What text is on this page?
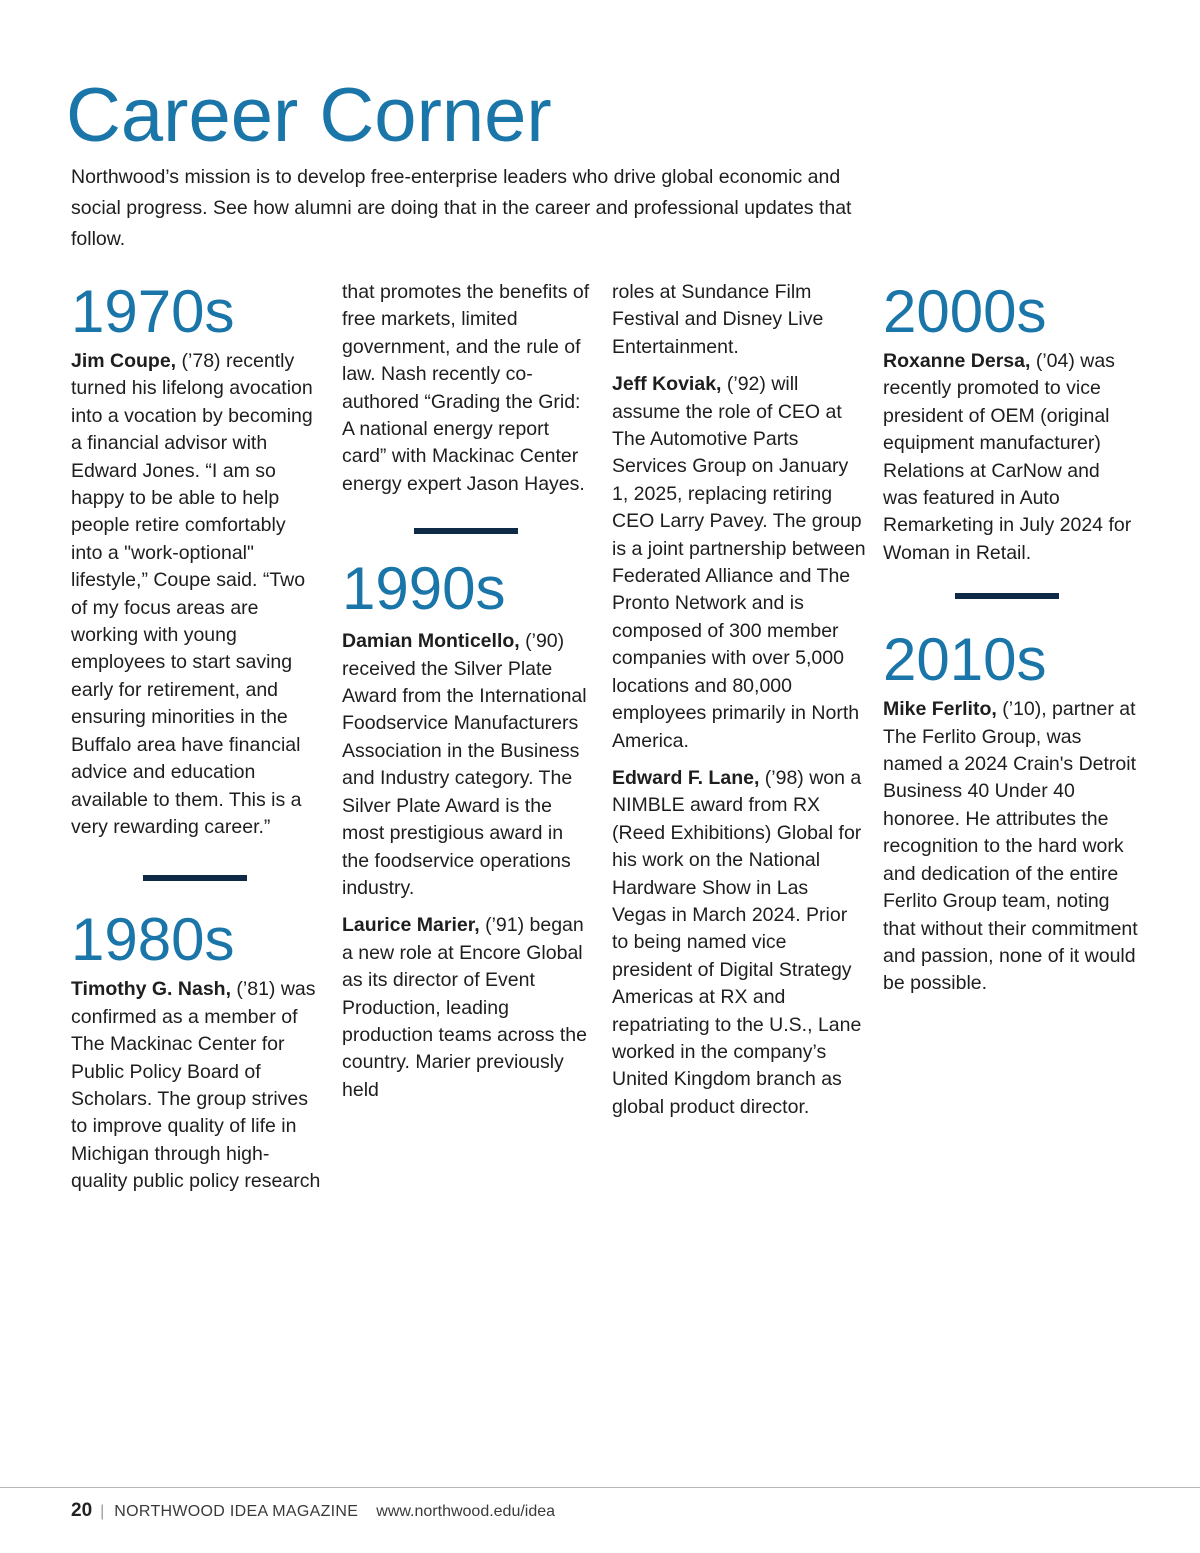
Career Corner

Northwood’s mission is to develop free-enterprise leaders who drive global economic and social progress. See how alumni are doing that in the career and professional updates that follow.

1970s

Jim Coupe, (’78) recently turned his lifelong avocation into a vocation by becoming a financial advisor with Edward Jones. “I am so happy to be able to help people retire comfortably into a "work-optional" lifestyle,” Coupe said. “Two of my focus areas are working with young employees to start saving early for retirement, and ensuring minorities in the Buffalo area have financial advice and education available to them. This is a very rewarding career.”

1980s

Timothy G. Nash, (’81) was confirmed as a member of The Mackinac Center for Public Policy Board of Scholars. The group strives to improve quality of life in Michigan through high-quality public policy research

that promotes the benefits of free markets, limited government, and the rule of law. Nash recently co-authored “Grading the Grid: A national energy report card” with Mackinac Center energy expert Jason Hayes.

1990s

Damian Monticello, (’90) received the Silver Plate Award from the International Foodservice Manufacturers Association in the Business and Industry category. The Silver Plate Award is the most prestigious award in the foodservice operations industry.

Laurice Marier, (’91) began a new role at Encore Global as its director of Event Production, leading production teams across the country. Marier previously held

roles at Sundance Film Festival and Disney Live Entertainment.

Jeff Koviak, (’92) will assume the role of CEO at The Automotive Parts Services Group on January 1, 2025, replacing retiring CEO Larry Pavey. The group is a joint partnership between Federated Alliance and The Pronto Network and is composed of 300 member companies with over 5,000 locations and 80,000 employees primarily in North America.

Edward F. Lane, (’98) won a NIMBLE award from RX (Reed Exhibitions) Global for his work on the National Hardware Show in Las Vegas in March 2024. Prior to being named vice president of Digital Strategy Americas at RX and repatriating to the U.S., Lane worked in the company’s United Kingdom branch as global product director.

2000s

Roxanne Dersa, (’04) was recently promoted to vice president of OEM (original equipment manufacturer) Relations at CarNow and was featured in Auto Remarketing in July 2024 for Woman in Retail.

2010s

Mike Ferlito, (’10), partner at The Ferlito Group, was named a 2024 Crain's Detroit Business 40 Under 40 honoree. He attributes the recognition to the hard work and dedication of the entire Ferlito Group team, noting that without their commitment and passion, none of it would be possible.

20 | NORTHWOOD IDEA MAGAZINE www.northwood.edu/idea
